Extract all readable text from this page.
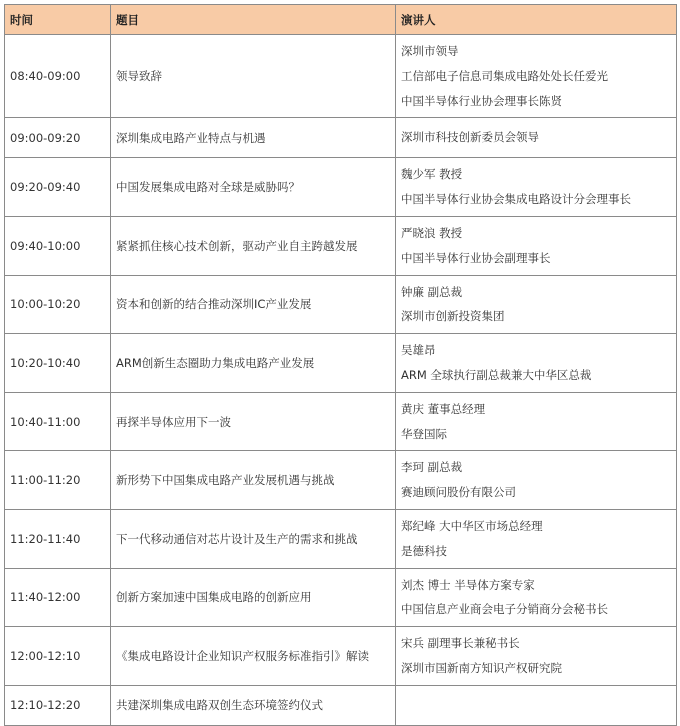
时间	题目	演讲人
08:40-09:00	领导致辞	深圳市领导
工信部电子信息司集成电路处处长任爱光
中国半导体行业协会理事长陈贤

09:00-09:20	深圳集成电路产业特点与机遇	深圳市科技创新委员会领导

09:20-09:40	中国发展集成电路对全球是威胁吗？	魏少军 教授
中国半导体行业协会集成电路设计分会理事长

09:40-10:00	紧紧抓住核心技术创新，驱动产业自主跨越发展	严晓浪 教授
中国半导体行业协会副理事长

10:00-10:20	资本和创新的结合推动深圳IC产业发展	钟廉 副总裁
深圳市创新投资集团

10:20-10:40	ARM创新生态圈助力集成电路产业发展	吴雄昂
ARM 全球执行副总裁兼大中华区总裁

10:40-11:00	再探半导体应用下一波	黄庆 董事总经理
华登国际

11:00-11:20	新形势下中国集成电路产业发展机遇与挑战	李珂 副总裁
赛迪顾问股份有限公司

11:20-11:40	下一代移动通信对芯片设计及生产的需求和挑战	郑纪峰 大中华区市场总经理
是德科技

11:40-12:00	创新方案加速中国集成电路的创新应用	刘杰 博士 半导体方案专家
中国信息产业商会电子分销商分会秘书长

12:00-12:10	《集成电路设计企业知识产权服务标准指引》解读	宋兵 副理事长兼秘书长
深圳市国新南方知识产权研究院

12:10-12:20	共建深圳集成电路双创生态环境签约仪式	
